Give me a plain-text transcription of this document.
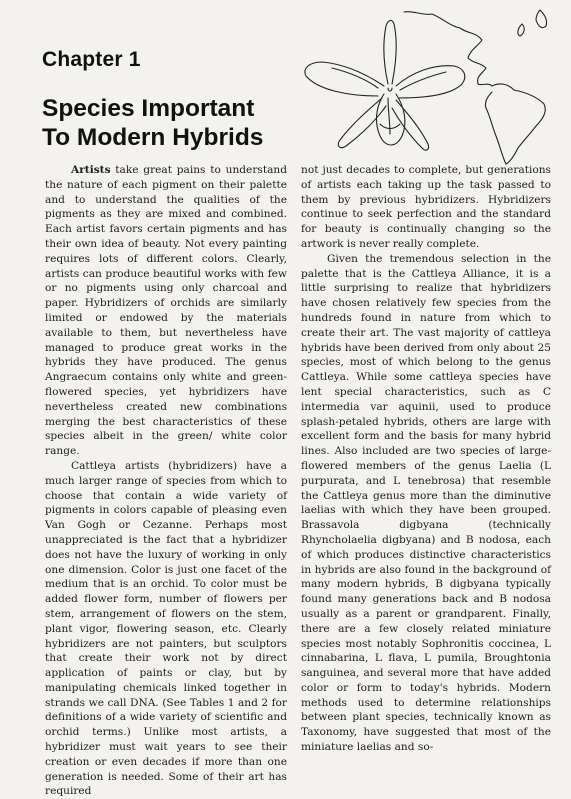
Chapter 1
Species Important
To Modern Hybrids

Artists take great pains to understand the nature of each pigment on their palette and to understand the qualities of the pigments as they are mixed and combined. Each artist favors certain pigments and has their own idea of beauty. Not every painting requires lots of different colors. Clearly, artists can produce beautiful works with few or no pigments using only charcoal and paper. Hybridizers of orchids are similarly limited or endowed by the materials available to them, but nevertheless have managed to produce great works in the hybrids they have produced. The genus Angraecum contains only white and green-flowered species, yet hybridizers have nevertheless created new combinations merging the best characteristics of these species albeit in the green/ white color range.

Cattleya artists (hybridizers) have a much larger range of species from which to choose that contain a wide variety of pigments in colors capable of pleasing even Van Gogh or Cezanne. Perhaps most unappreciated is the fact that a hybridizer does not have the luxury of working in only one dimension. Color is just one facet of the medium that is an orchid. To color must be added flower form, number of flowers per stem, arrangement of flowers on the stem, plant vigor, flowering season, etc. Clearly hybridizers are not painters, but sculptors that create their work not by direct application of paints or clay, but by manipulating chemicals linked together in strands we call DNA. (See Tables 1 and 2 for definitions of a wide variety of scientific and orchid terms.) Unlike most artists, a hybridizer must wait years to see their creation or even decades if more than one generation is needed. Some of their art has required

not just decades to complete, but generations of artists each taking up the task passed to them by previous hybridizers. Hybridizers continue to seek perfection and the standard for beauty is continually changing so the artwork is never really complete.

Given the tremendous selection in the palette that is the Cattleya Alliance, it is a little surprising to realize that hybridizers have chosen relatively few species from the hundreds found in nature from which to create their art. The vast majority of cattleya hybrids have been derived from only about 25 species, most of which belong to the genus Cattleya. While some cattleya species have lent special characteristics, such as C intermedia var aquinii, used to produce splash-petaled hybrids, others are large with excellent form and the basis for many hybrid lines. Also included are two species of large-flowered members of the genus Laelia (L purpurata, and L tenebrosa) that resemble the Cattleya genus more than the diminutive laelias with which they have been grouped. Brassavola digbyana (technically Rhyncholaelia digbyana) and B nodosa, each of which produces distinctive characteristics in hybrids are also found in the background of many modern hybrids, B digbyana typically found many generations back and B nodosa usually as a parent or grandparent. Finally, there are a few closely related miniature species most notably Sophronitis coccinea, L cinnabarina, L flava, L pumila, Broughtonia sanguinea, and several more that have added color or form to today's hybrids. Modern methods used to determine relationships between plant species, technically known as Taxonomy, have suggested that most of the miniature laelias and so-
